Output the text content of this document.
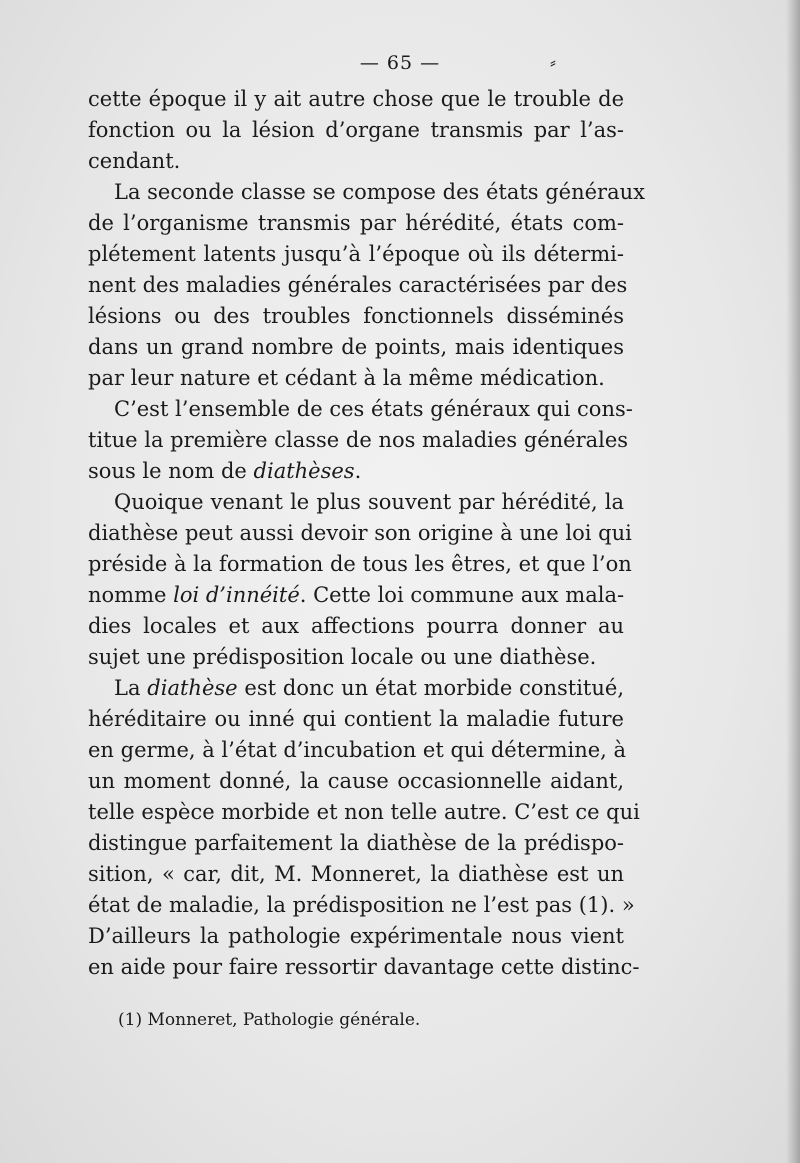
— 65 —	⸗
cette époque il y ait autre chose que le trouble de
fonction ou la lésion d’organe transmis par l’as-
cendant.
La seconde classe se compose des états généraux
de l’organisme transmis par hérédité, états com-
plétement latents jusqu’à l’époque où ils détermi-
nent des maladies générales caractérisées par des
lésions ou des troubles fonctionnels disséminés
dans un grand nombre de points, mais identiques
par leur nature et cédant à la même médication.
C’est l’ensemble de ces états généraux qui cons-
titue la première classe de nos maladies générales
sous le nom de diathèses.
Quoique venant le plus souvent par hérédité, la
diathèse peut aussi devoir son origine à une loi qui
préside à la formation de tous les êtres, et que l’on
nomme loi d’innéité. Cette loi commune aux mala-
dies locales et aux affections pourra donner au
sujet une prédisposition locale ou une diathèse.
La diathèse est donc un état morbide constitué,
héréditaire ou inné qui contient la maladie future
en germe, à l’état d’incubation et qui détermine, à
un moment donné, la cause occasionnelle aidant,
telle espèce morbide et non telle autre. C’est ce qui
distingue parfaitement la diathèse de la prédispo-
sition, « car, dit, M. Monneret, la diathèse est un
état de maladie, la prédisposition ne l’est pas (1). »
D’ailleurs la pathologie expérimentale nous vient
en aide pour faire ressortir davantage cette distinc-
(1) Monneret, Pathologie générale.
